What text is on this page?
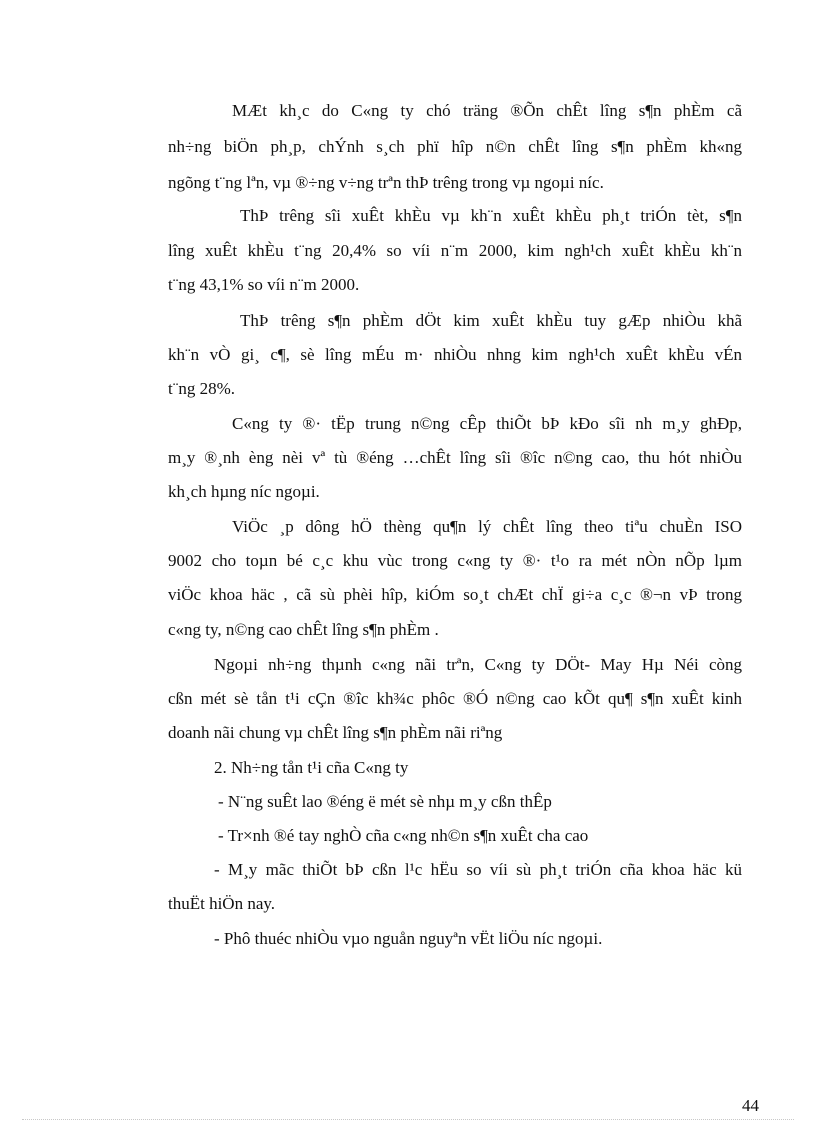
MÆt kh¸c do C«ng ty chó träng ®Õn chÊt lîng s¶n phÈm cã
nh÷ng biÖn ph¸p, chÝnh s¸ch phï hîp n©n chÊt lîng s¶n phÈm kh«ng
ngõng t¨ng lªn, vµ ®÷ng v÷ng trªn thÞ trêng trong vµ ngoµi níc.
ThÞ trêng sîi xuÊt khÈu vµ kh¨n xuÊt khÈu ph¸t triÓn tèt, s¶n
lîng xuÊt khÈu t¨ng 20,4% so víi n¨m 2000, kim ngh¹ch xuÊt khÈu kh¨n
t¨ng 43,1% so víi n¨m 2000.
ThÞ trêng s¶n phÈm dÖt kim xuÊt khÈu tuy gÆp nhiÒu khã
kh¨n vÒ gi¸ c¶, sè lîng mÉu m· nhiÒu nhng kim ngh¹ch xuÊt khÈu vÉn
t¨ng 28%.
C«ng ty ®· tËp trung n©ng cÊp thiÕt bÞ kÐo sîi nh m¸y ghÐp,
m¸y ®¸nh èng nèi vª tù ®éng …chÊt lîng sîi ®îc n©ng cao, thu hót nhiÒu
kh¸ch hµng níc ngoµi.
ViÖc ¸p dông hÖ thèng qu¶n lý chÊt lîng theo tiªu chuÈn ISO
9002 cho toµn bé c¸c khu vùc trong c«ng ty ®· t¹o ra mét nÒn nÕp lµm
viÖc khoa häc , cã sù phèi hîp, kiÓm so¸t chÆt chÏ gi÷a c¸c ®¬n vÞ trong
c«ng ty, n©ng cao chÊt lîng s¶n phÈm .
Ngoµi nh÷ng thµnh c«ng nãi trªn, C«ng ty DÖt- May Hµ Néi còng
cßn mét sè tån t¹i cÇn ®îc kh¾c phôc ®Ó n©ng cao kÕt qu¶ s¶n xuÊt kinh
doanh nãi chung vµ chÊt lîng s¶n phÈm nãi riªng
2. Nh÷ng tån t¹i cña C«ng ty
- N¨ng suÊt lao ®éng ë mét sè nhµ m¸y cßn thÊp
- Tr×nh ®é tay nghÒ cña c«ng nh©n s¶n xuÊt cha cao
- M¸y mãc thiÕt bÞ cßn l¹c hËu so víi sù ph¸t triÓn cña khoa häc kü
thuËt hiÖn nay.
- Phô thuéc nhiÒu vµo nguån nguyªn vËt liÖu níc ngoµi.
44
